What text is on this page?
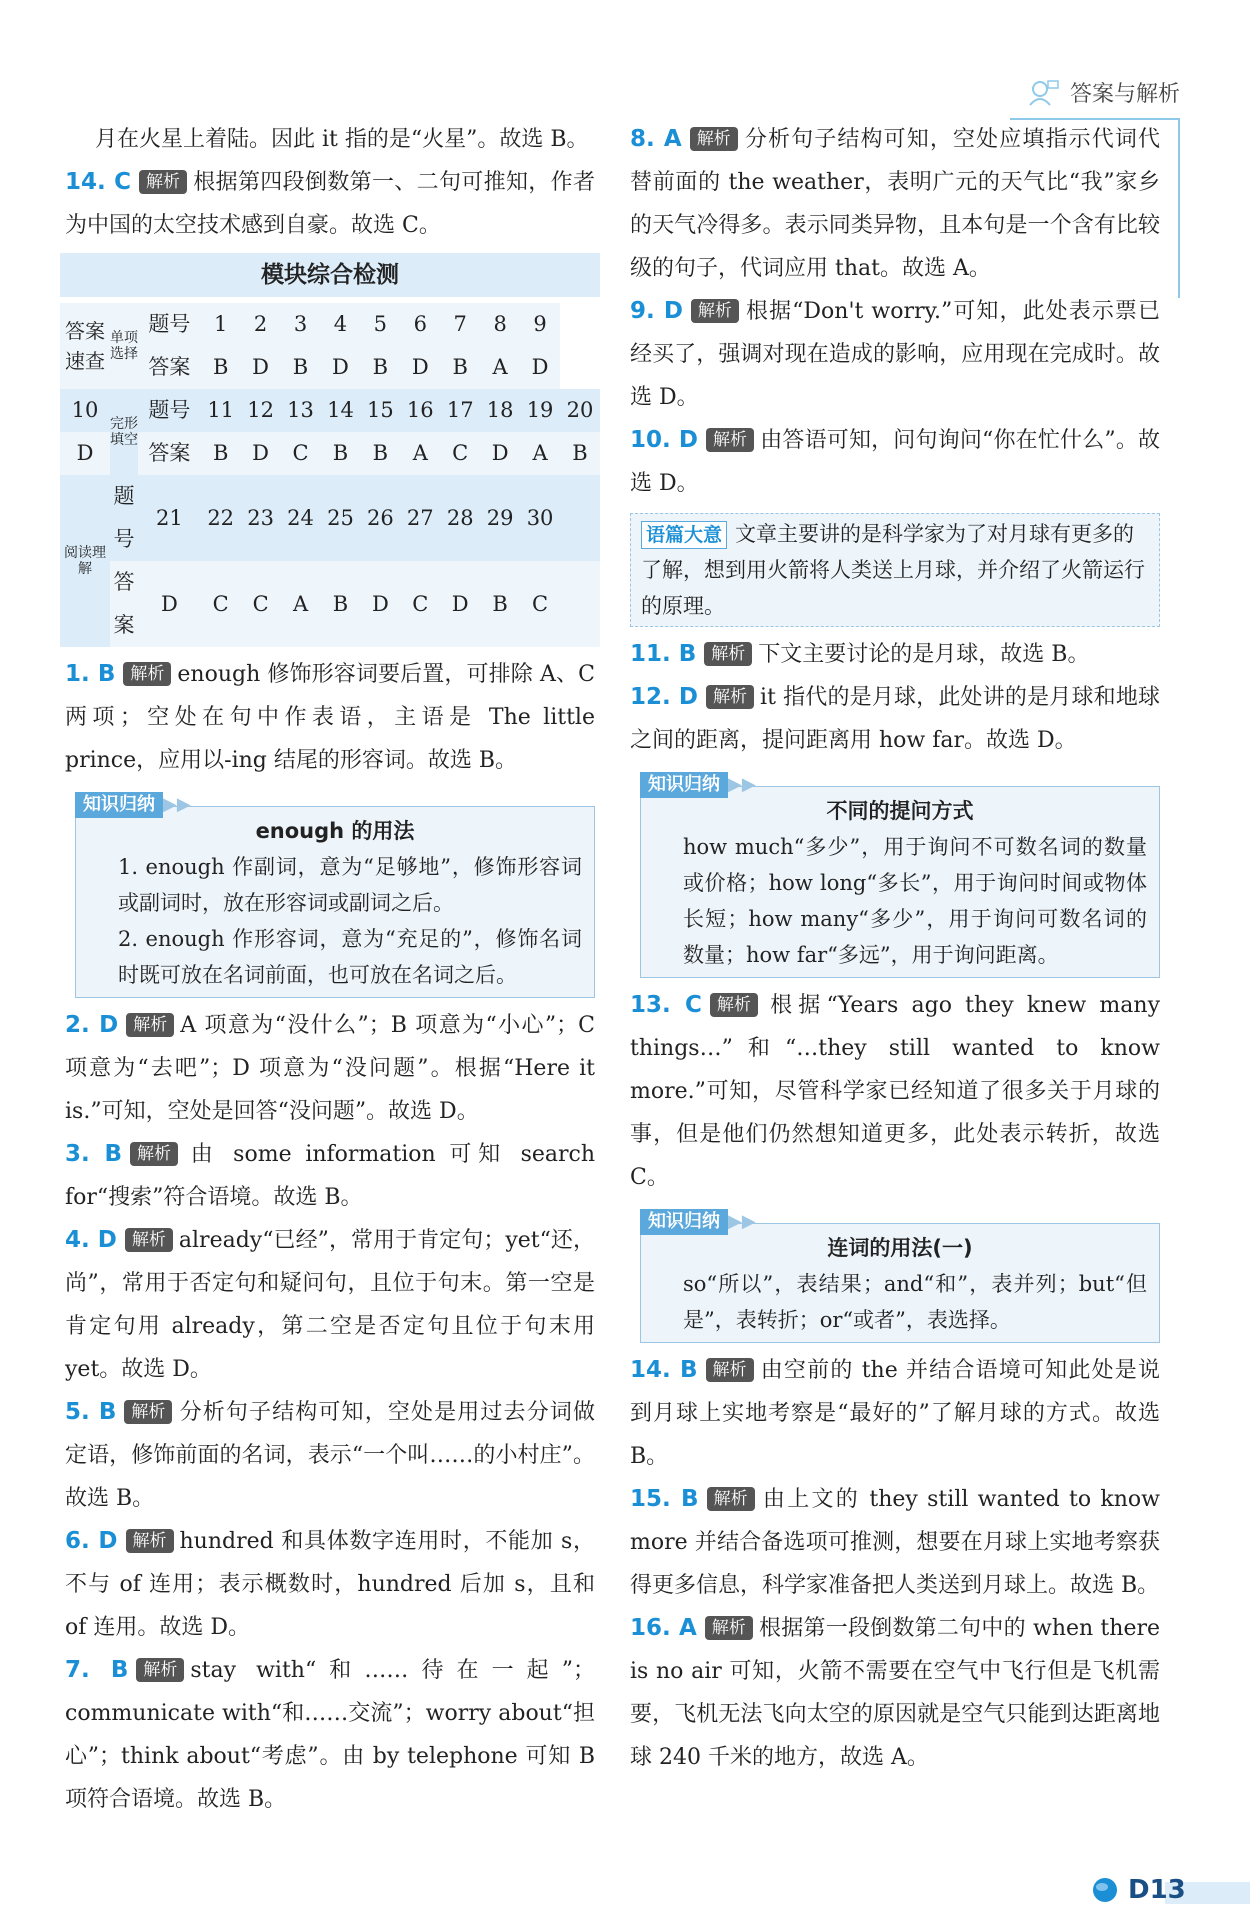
答案与解析

月在火星上着陆。因此 it 指的是“火星”。故选 B。

14. C 解析 根据第四段倒数第一、二句可推知，作者为中国的太空技术感到自豪。故选 C。

模块综合检测
答案速查	单项选择	题号	1	2	3	4	5	6	7	8	9	
		答案	B	D	B	D	B	D	B	A	D	
10	完形填空	题号	11	12	13	14	15	16	17	18	19	20
D		答案	B	D	C	B	B	A	C	D	A	B
阅读理解	题号	21	22	23	24	25	26	27	28	29	30	
	答案	D	C	C	A	B	D	C	D	B	C	

1. B 解析 enough 修饰形容词要后置，可排除 A、C 两项；空处在句中作表语，主语是 The little prince，应用以-ing 结尾的形容词。故选 B。

知识归纳 ▶▶
enough 的用法
1. enough 作副词，意为“足够地”，修饰形容词或副词时，放在形容词或副词之后。
2. enough 作形容词，意为“充足的”，修饰名词时既可放在名词前面，也可放在名词之后。

2. D 解析 A 项意为“没什么”；B 项意为“小心”；C 项意为“去吧”；D 项意为“没问题”。根据“Here it is.”可知，空处是回答“没问题”。故选 D。

3. B 解析 由 some information 可知 search for“搜索”符合语境。故选 B。

4. D 解析 already“已经”，常用于肯定句；yet“还，尚”，常用于否定句和疑问句，且位于句末。第一空是肯定句用 already，第二空是否定句且位于句末用 yet。故选 D。

5. B 解析 分析句子结构可知，空处是用过去分词做定语，修饰前面的名词，表示“一个叫……的小村庄”。故选 B。

6. D 解析 hundred 和具体数字连用时，不能加 s，不与 of 连用；表示概数时，hundred 后加 s，且和 of 连用。故选 D。

7. B 解析 stay with“和……待在一起”；communicate with“和……交流”；worry about“担心”；think about“考虑”。由 by telephone 可知 B 项符合语境。故选 B。

8. A 解析 分析句子结构可知，空处应填指示代词代替前面的 the weather，表明广元的天气比“我”家乡的天气冷得多。表示同类异物，且本句是一个含有比较级的句子，代词应用 that。故选 A。

9. D 解析 根据“Don't worry.”可知，此处表示票已经买了，强调对现在造成的影响，应用现在完成时。故选 D。

10. D 解析 由答语可知，问句询问“你在忙什么”。故选 D。

语篇大意 文章主要讲的是科学家为了对月球有更多的了解，想到用火箭将人类送上月球，并介绍了火箭运行的原理。

11. B 解析 下文主要讨论的是月球，故选 B。

12. D 解析 it 指代的是月球，此处讲的是月球和地球之间的距离，提问距离用 how far。故选 D。

知识归纳 ▶▶
不同的提问方式
how much“多少”，用于询问不可数名词的数量或价格；how long“多长”，用于询问时间或物体长短；how many“多少”，用于询问可数名词的数量；how far“多远”，用于询问距离。

13. C 解析 根据“Years ago they knew many things…”和“…they still wanted to know more.”可知，尽管科学家已经知道了很多关于月球的事，但是他们仍然想知道更多，此处表示转折，故选 C。

知识归纳 ▶▶
连词的用法(一)
so“所以”，表结果；and“和”，表并列；but“但是”，表转折；or“或者”，表选择。

14. B 解析 由空前的 the 并结合语境可知此处是说到月球上实地考察是“最好的”了解月球的方式。故选 B。

15. B 解析 由上文的 they still wanted to know more 并结合备选项可推测，想要在月球上实地考察获得更多信息，科学家准备把人类送到月球上。故选 B。

16. A 解析 根据第一段倒数第二句中的 when there is no air 可知，火箭不需要在空气中飞行但是飞机需要，飞机无法飞向太空的原因就是空气只能到达距离地球 240 千米的地方，故选 A。

D13
